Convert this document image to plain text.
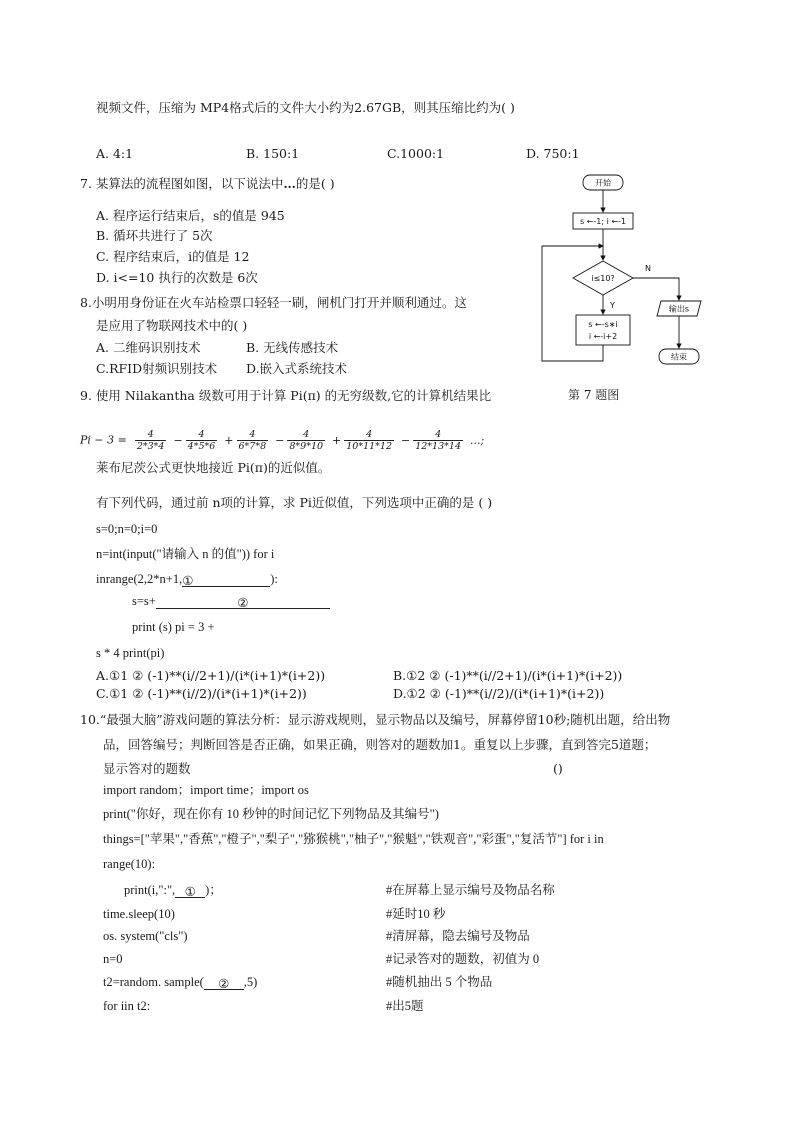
视频文件，压缩为 MP4格式后的文件大小约为2.67GB，则其压缩比约为( )
A. 4:1	B. 150:1	C.1000:1	D. 750:1
7. 某算法的流程图如图，以下说法中…的是( )
A. 程序运行结束后，s的值是 945
B. 循环共进行了 5次
C. 程序结束后，i的值是 12
D. i<=10 执行的次数是 6次
开始
s ←-1; i ←-1
i≤10?
N
输出s
结束
Y
s ←-s∗i
i ←-i+2
第 7 题图
8.小明用身份证在火车站检票口轻轻一刷，闸机门打开并顺利通过。这
是应用了物联网技术中的( )
A. 二维码识别技术	B. 无线传感技术
C.RFID射频识别技术 D.嵌入式系统技术
9. 使用 Nilakantha 级数可用于计算 Pi(π) 的无穷级数,它的计算机结果比
$Pi - 3 = \frac{4}{2*3*4} - \frac{4}{4*5*6} + \frac{4}{6*7*8} - \frac{4}{8*9*10} + \frac{4}{10*11*12} - \frac{4}{12*13*14}$ ...;
莱布尼茨公式更快地接近 Pi(π)的近似值。
有下列代码，通过前 n项的计算，求 Pi近似值，下列选项中正确的是 ( )
s=0;n=0;i=0
n=int(input("请输入 n 的值")) for i
inrange(2,2*n+1,①	):
s=s+	②
print (s) pi = 3 +
s * 4 print(pi)
A.①1 ② (-1)**(i//2+1)/(i*(i+1)*(i+2))	B.①2 ② (-1)**(i//2+1)/(i*(i+1)*(i+2))
C.①1 ② (-1)**(i//2)/(i*(i+1)*(i+2))	D.①2 ② (-1)**(i//2)/(i*(i+1)*(i+2))
10.“最强大脑”游戏问题的算法分析：显示游戏规则，显示物品以及编号，屏幕停留10秒;随机出题，给出物
品，回答编号；判断回答是否正确，如果正确，则答对的题数加1。重复以上步骤，直到答完5道题；
显示答对的题数	()
import random；import time；import os
print("你好，现在你有 10 秒钟的时间记忆下列物品及其编号")
things=["苹果","香蕉","橙子","梨子","猕猴桃","柚子","猴魁","铁观音","彩蛋","复活节"] for i in
range(10):
print(i,":", ① )；	#在屏幕上显示编号及物品名称
time.sleep(10)	#延时10 秒
os. system("cls")	#清屏幕，隐去编号及物品
n=0	#记录答对的题数，初值为 0
t2=random. sample( ② ,5)	#随机抽出 5 个物品
for iin t2:	#出5题
